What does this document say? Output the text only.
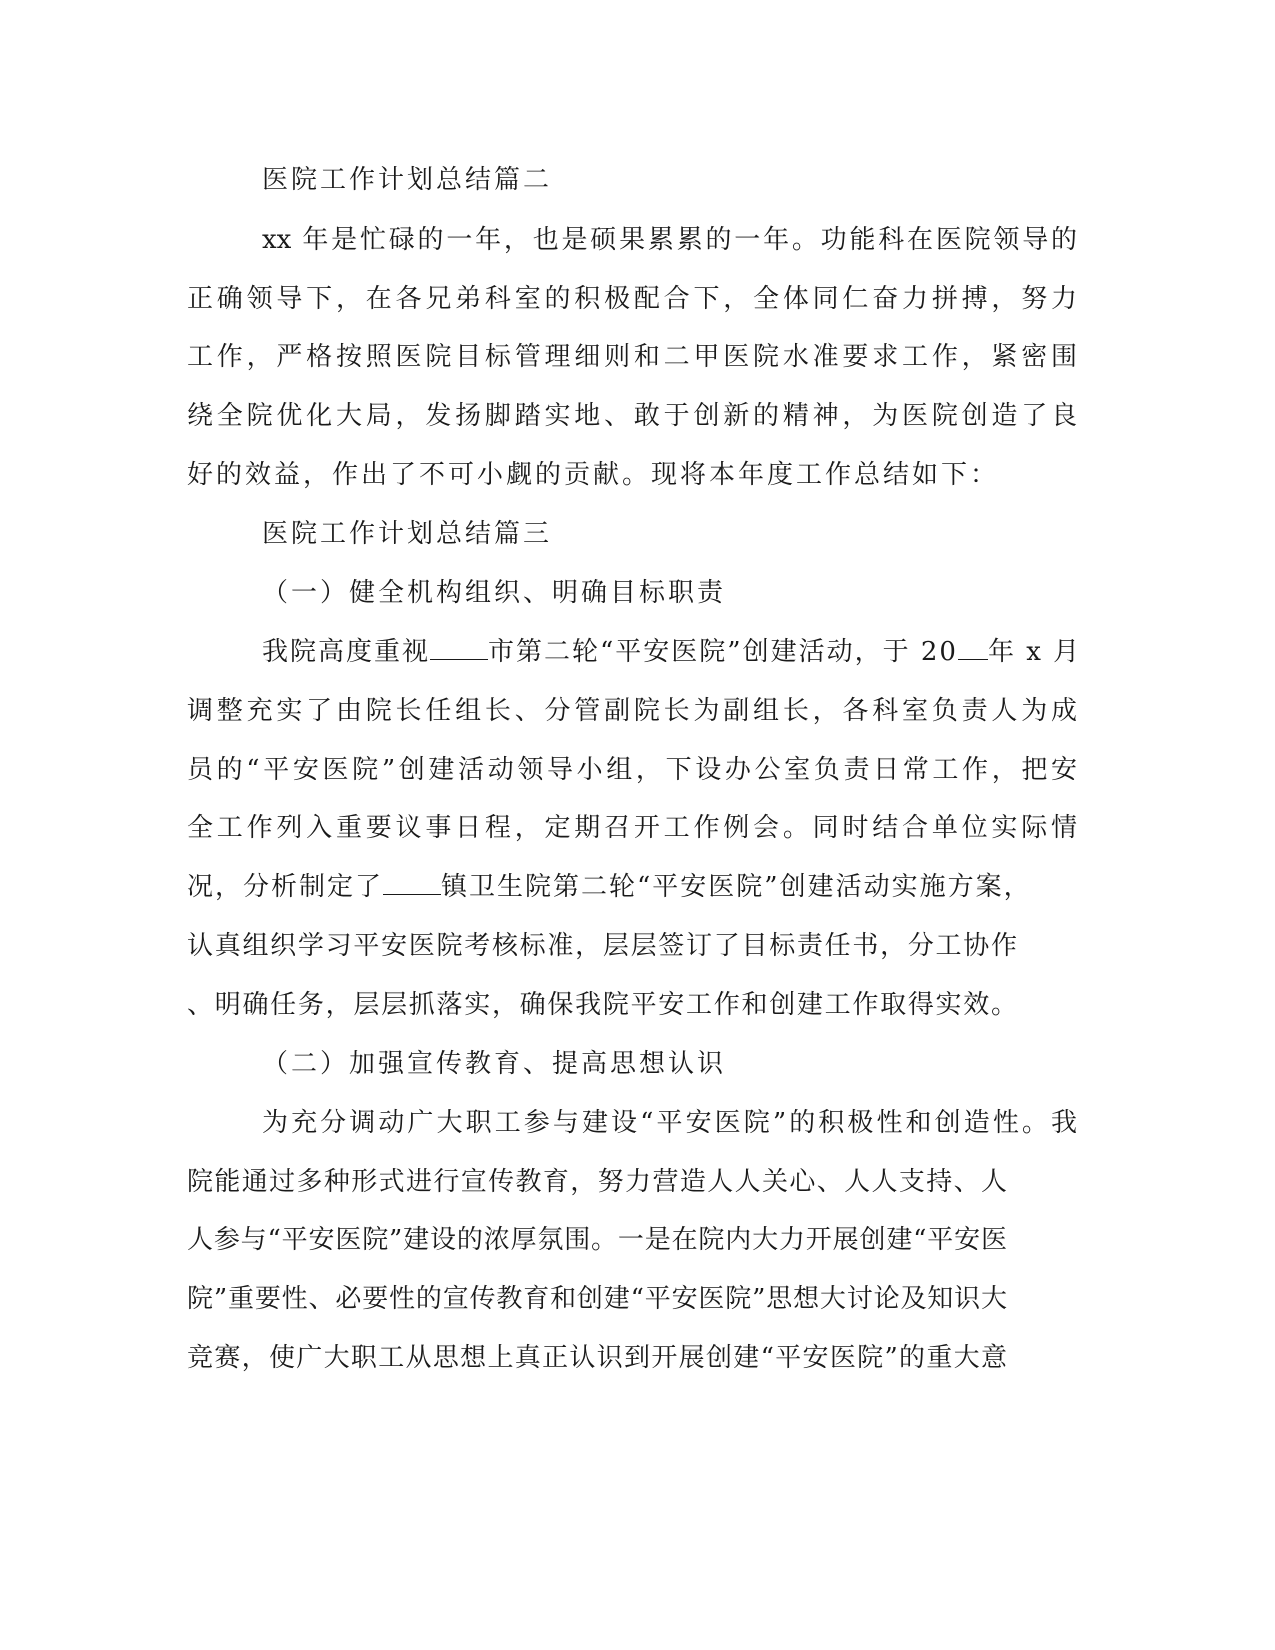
医院工作计划总结篇二
xx 年是忙碌的一年，也是硕果累累的一年。功能科在医院领导的
正确领导下，在各兄弟科室的积极配合下，全体同仁奋力拼搏，努力
工作，严格按照医院目标管理细则和二甲医院水准要求工作，紧密围
绕全院优化大局，发扬脚踏实地、敢于创新的精神，为医院创造了良
好的效益，作出了不可小觑的贡献。现将本年度工作总结如下：
医院工作计划总结篇三
（一）健全机构组织、明确目标职责
我院高度重视 市第二轮“平安医院”创建活动，于 20 年 x 月
调整充实了由院长任组长、分管副院长为副组长，各科室负责人为成
员的“平安医院”创建活动领导小组，下设办公室负责日常工作，把安
全工作列入重要议事日程，定期召开工作例会。同时结合单位实际情
况，分析制定了 镇卫生院第二轮“平安医院”创建活动实施方案，
认真组织学习平安医院考核标准，层层签订了目标责任书，分工协作
、明确任务，层层抓落实，确保我院平安工作和创建工作取得实效。
（二）加强宣传教育、提高思想认识
为充分调动广大职工参与建设“平安医院”的积极性和创造性。我
院能通过多种形式进行宣传教育，努力营造人人关心、人人支持、人
人参与“平安医院”建设的浓厚氛围。一是在院内大力开展创建“平安医
院”重要性、必要性的宣传教育和创建“平安医院”思想大讨论及知识大
竞赛，使广大职工从思想上真正认识到开展创建“平安医院”的重大意
